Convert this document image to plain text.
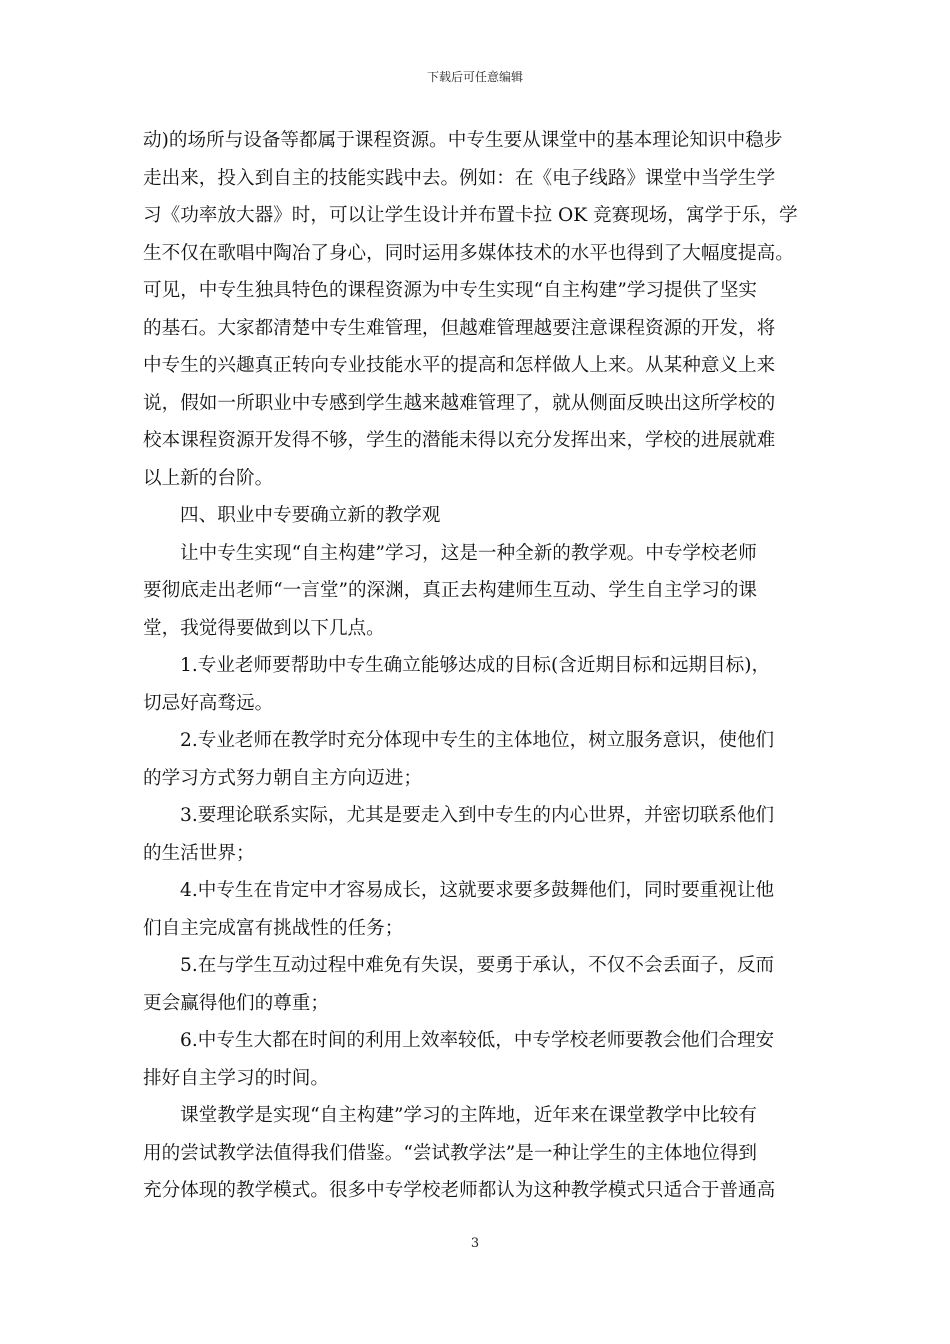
下载后可任意编辑
动)的场所与设备等都属于课程资源。中专生要从课堂中的基本理论知识中稳步
走出来，投入到自主的技能实践中去。例如：在《电子线路》课堂中当学生学
习《功率放大器》时，可以让学生设计并布置卡拉 OK 竞赛现场，寓学于乐，学
生不仅在歌唱中陶冶了身心，同时运用多媒体技术的水平也得到了大幅度提高。
可见，中专生独具特色的课程资源为中专生实现“自主构建”学习提供了坚实
的基石。大家都清楚中专生难管理，但越难管理越要注意课程资源的开发，将
中专生的兴趣真正转向专业技能水平的提高和怎样做人上来。从某种意义上来
说，假如一所职业中专感到学生越来越难管理了，就从侧面反映出这所学校的
校本课程资源开发得不够，学生的潜能未得以充分发挥出来，学校的进展就难
以上新的台阶。
四、职业中专要确立新的教学观
让中专生实现“自主构建”学习，这是一种全新的教学观。中专学校老师
要彻底走出老师“一言堂”的深渊，真正去构建师生互动、学生自主学习的课
堂，我觉得要做到以下几点。
1.专业老师要帮助中专生确立能够达成的目标(含近期目标和远期目标)，
切忌好高骛远。
2.专业老师在教学时充分体现中专生的主体地位，树立服务意识，使他们
的学习方式努力朝自主方向迈进；
3.要理论联系实际，尤其是要走入到中专生的内心世界，并密切联系他们
的生活世界；
4.中专生在肯定中才容易成长，这就要求要多鼓舞他们，同时要重视让他
们自主完成富有挑战性的任务；
5.在与学生互动过程中难免有失误，要勇于承认，不仅不会丢面子，反而
更会赢得他们的尊重；
6.中专生大都在时间的利用上效率较低，中专学校老师要教会他们合理安
排好自主学习的时间。
课堂教学是实现“自主构建”学习的主阵地，近年来在课堂教学中比较有
用的尝试教学法值得我们借鉴。“尝试教学法”是一种让学生的主体地位得到
充分体现的教学模式。很多中专学校老师都认为这种教学模式只适合于普通高
3
